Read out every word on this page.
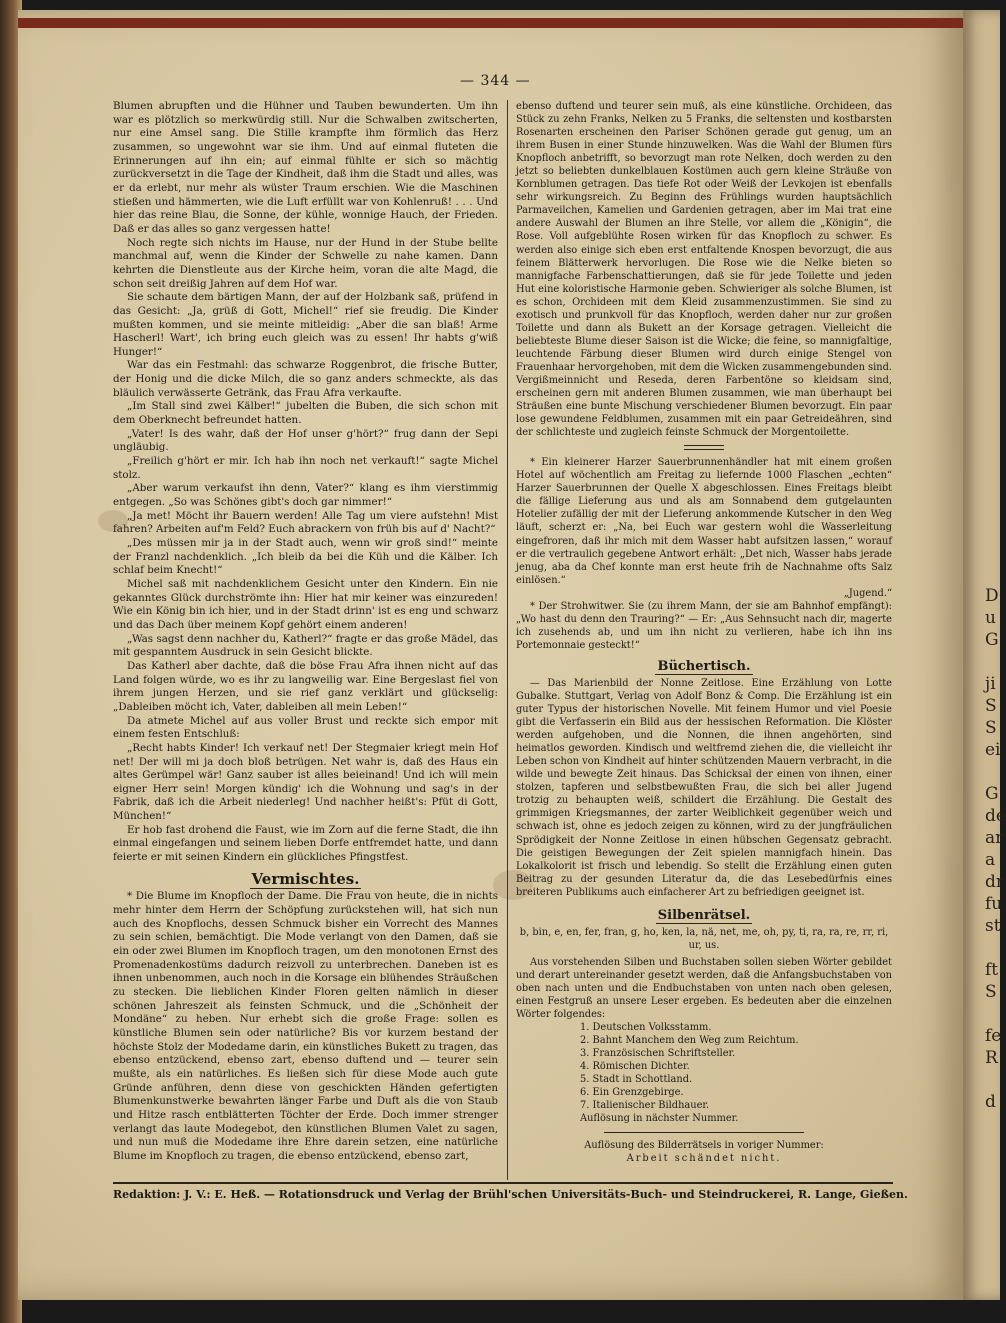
D
u
G

ji
S
S
ei

G
de
ar
a
dr
fu
st

ft
S

fe
R

d
— 344 —

Blumen abrupften und die Hühner und Tauben bewunderten. Um ihn war es plötzlich so merkwürdig still. Nur die Schwalben zwitscherten, nur eine Amsel sang. Die Stille krampfte ihm förmlich das Herz zusammen, so ungewohnt war sie ihm. Und auf einmal fluteten die Erinnerungen auf ihn ein; auf einmal fühlte er sich so mächtig zurückversetzt in die Tage der Kindheit, daß ihm die Stadt und alles, was er da erlebt, nur mehr als wüster Traum erschien. Wie die Maschinen stießen und hämmerten, wie die Luft erfüllt war von Kohlenruß! . . . Und hier das reine Blau, die Sonne, der kühle, wonnige Hauch, der Frieden. Daß er das alles so ganz vergessen hatte!

Noch regte sich nichts im Hause, nur der Hund in der Stube bellte manchmal auf, wenn die Kinder der Schwelle zu nahe kamen. Dann kehrten die Dienstleute aus der Kirche heim, voran die alte Magd, die schon seit dreißig Jahren auf dem Hof war.

Sie schaute dem bärtigen Mann, der auf der Holzbank saß, prüfend in das Gesicht: „Ja, grüß di Gott, Michel!“ rief sie freudig. Die Kinder mußten kommen, und sie meinte mitleidig: „Aber die san blaß! Arme Hascherl! Wart', ich bring euch gleich was zu essen! Ihr habts g'wiß Hunger!“

War das ein Festmahl: das schwarze Roggenbrot, die frische Butter, der Honig und die dicke Milch, die so ganz anders schmeckte, als das bläulich verwässerte Getränk, das Frau Afra verkaufte.

„Im Stall sind zwei Kälber!“ jubelten die Buben, die sich schon mit dem Oberknecht befreundet hatten.

„Vater! Is des wahr, daß der Hof unser g'hört?“ frug dann der Sepi ungläubig.

„Freilich g'hört er mir. Ich hab ihn noch net verkauft!“ sagte Michel stolz.

„Aber warum verkaufst ihn denn, Vater?“ klang es ihm vierstimmig entgegen. „So was Schönes gibt's doch gar nimmer!“

„Ja met! Möcht ihr Bauern werden! Alle Tag um viere aufstehn! Mist fahren? Arbeiten auf'm Feld? Euch abrackern von früh bis auf d' Nacht?“

„Des müssen mir ja in der Stadt auch, wenn wir groß sind!“ meinte der Franzl nachdenklich. „Ich bleib da bei die Küh und die Kälber. Ich schlaf beim Knecht!“

Michel saß mit nachdenklichem Gesicht unter den Kindern. Ein nie gekanntes Glück durchströmte ihn: Hier hat mir keiner was einzureden! Wie ein König bin ich hier, und in der Stadt drinn' ist es eng und schwarz und das Dach über meinem Kopf gehört einem anderen!

„Was sagst denn nachher du, Katherl?“ fragte er das große Mädel, das mit gespanntem Ausdruck in sein Gesicht blickte.

Das Katherl aber dachte, daß die böse Frau Afra ihnen nicht auf das Land folgen würde, wo es ihr zu langweilig war. Eine Bergeslast fiel von ihrem jungen Herzen, und sie rief ganz verklärt und glückselig: „Dableiben möcht ich, Vater, dableiben all mein Leben!“

Da atmete Michel auf aus voller Brust und reckte sich empor mit einem festen Entschluß:

„Recht habts Kinder! Ich verkauf net! Der Stegmaier kriegt mein Hof net! Der will mi ja doch bloß betrügen. Net wahr is, daß des Haus ein altes Gerümpel wär! Ganz sauber ist alles beieinand! Und ich will mein eigner Herr sein! Morgen kündig' ich die Wohnung und sag's in der Fabrik, daß ich die Arbeit niederleg! Und nachher heißt's: Pfüt di Gott, München!“

Er hob fast drohend die Faust, wie im Zorn auf die ferne Stadt, die ihn einmal eingefangen und seinem lieben Dorfe entfremdet hatte, und dann feierte er mit seinen Kindern ein glückliches Pfingstfest.

Vermischtes.

* Die Blume im Knopfloch der Dame. Die Frau von heute, die in nichts mehr hinter dem Herrn der Schöpfung zurückstehen will, hat sich nun auch des Knopflochs, dessen Schmuck bisher ein Vorrecht des Mannes zu sein schien, bemächtigt. Die Mode verlangt von den Damen, daß sie ein oder zwei Blumen im Knopfloch tragen, um den monotonen Ernst des Promenadenkostüms dadurch reizvoll zu unterbrechen. Daneben ist es ihnen unbenommen, auch noch in die Korsage ein blühendes Sträußchen zu stecken. Die lieblichen Kinder Floren gelten nämlich in dieser schönen Jahreszeit als feinsten Schmuck, und die „Schönheit der Mondäne“ zu heben. Nur erhebt sich die große Frage: sollen es künstliche Blumen sein oder natürliche? Bis vor kurzem bestand der höchste Stolz der Modedame darin, ein künstliches Bukett zu tragen, das ebenso entzückend, ebenso zart, ebenso duftend und — teurer sein mußte, als ein natürliches. Es ließen sich für diese Mode auch gute Gründe anführen, denn diese von geschickten Händen gefertigten Blumenkunstwerke bewahrten länger Farbe und Duft als die von Staub und Hitze rasch entblätterten Töchter der Erde. Doch immer strenger verlangt das laute Modegebot, den künstlichen Blumen Valet zu sagen, und nun muß die Modedame ihre Ehre darein setzen, eine natürliche Blume im Knopfloch zu tragen, die ebenso entzückend, ebenso zart,

ebenso duftend und teurer sein muß, als eine künstliche. Orchideen, das Stück zu zehn Franks, Nelken zu 5 Franks, die seltensten und kostbarsten Rosenarten erscheinen den Pariser Schönen gerade gut genug, um an ihrem Busen in einer Stunde hinzuwelken. Was die Wahl der Blumen fürs Knopfloch anbetrifft, so bevorzugt man rote Nelken, doch werden zu den jetzt so beliebten dunkelblauen Kostümen auch gern kleine Sträuße von Kornblumen getragen. Das tiefe Rot oder Weiß der Levkojen ist ebenfalls sehr wirkungsreich. Zu Beginn des Frühlings wurden hauptsächlich Parmaveilchen, Kamelien und Gardenien getragen, aber im Mai trat eine andere Auswahl der Blumen an ihre Stelle, vor allem die „Königin“, die Rose. Voll aufgeblühte Rosen wirken für das Knopfloch zu schwer. Es werden also einige sich eben erst entfaltende Knospen bevorzugt, die aus feinem Blätterwerk hervorlugen. Die Rose wie die Nelke bieten so mannigfache Farbenschattierungen, daß sie für jede Toilette und jeden Hut eine koloristische Harmonie geben. Schwieriger als solche Blumen, ist es schon, Orchideen mit dem Kleid zusammenzustimmen. Sie sind zu exotisch und prunkvoll für das Knopfloch, werden daher nur zur großen Toilette und dann als Bukett an der Korsage getragen. Vielleicht die beliebteste Blume dieser Saison ist die Wicke; die feine, so mannigfaltige, leuchtende Färbung dieser Blumen wird durch einige Stengel von Frauenhaar hervorgehoben, mit dem die Wicken zusammengebunden sind. Vergißmeinnicht und Reseda, deren Farbentöne so kleidsam sind, erscheinen gern mit anderen Blumen zusammen, wie man überhaupt bei Sträußen eine bunte Mischung verschiedener Blumen bevorzugt. Ein paar lose gewundene Feldblumen, zusammen mit ein paar Getreideähren, sind der schlichteste und zugleich feinste Schmuck der Morgentoilette.

* Ein kleinerer Harzer Sauerbrunnenhändler hat mit einem großen Hotel auf wöchentlich am Freitag zu liefernde 1000 Flaschen „echten“ Harzer Sauerbrunnen der Quelle X abgeschlossen. Eines Freitags bleibt die fällige Lieferung aus und als am Sonnabend dem gutgelaunten Hotelier zufällig der mit der Lieferung ankommende Kutscher in den Weg läuft, scherzt er: „Na, bei Euch war gestern wohl die Wasserleitung eingefroren, daß ihr mich mit dem Wasser habt aufsitzen lassen,“ worauf er die vertraulich gegebene Antwort erhält: „Det nich, Wasser habs jerade jenug, aba da Chef konnte man erst heute frih de Nachnahme ofts Salz einlösen.“

„Jugend.“

* Der Strohwitwer. Sie (zu ihrem Mann, der sie am Bahnhof empfängt): „Wo hast du denn den Trauring?“ — Er: „Aus Sehnsucht nach dir, magerte ich zusehends ab, und um ihn nicht zu verlieren, habe ich ihn ins Portemonnaie gesteckt!“

Büchertisch.

— Das Marienbild der Nonne Zeitlose. Eine Erzählung von Lotte Gubalke. Stuttgart, Verlag von Adolf Bonz & Comp. Die Erzählung ist ein guter Typus der historischen Novelle. Mit feinem Humor und viel Poesie gibt die Verfasserin ein Bild aus der hessischen Reformation. Die Klöster werden aufgehoben, und die Nonnen, die ihnen angehörten, sind heimatlos geworden. Kindisch und weltfremd ziehen die, die vielleicht ihr Leben schon von Kindheit auf hinter schützenden Mauern verbracht, in die wilde und bewegte Zeit hinaus. Das Schicksal der einen von ihnen, einer stolzen, tapferen und selbstbewußten Frau, die sich bei aller Jugend trotzig zu behaupten weiß, schildert die Erzählung. Die Gestalt des grimmigen Kriegsmannes, der zarter Weiblichkeit gegenüber weich und schwach ist, ohne es jedoch zeigen zu können, wird zu der jungfräulichen Sprödigkeit der Nonne Zeitlose in einen hübschen Gegensatz gebracht. Die geistigen Bewegungen der Zeit spielen mannigfach hinein. Das Lokalkolorit ist frisch und lebendig. So stellt die Erzählung einen guten Beitrag zu der gesunden Literatur da, die das Lesebedürfnis eines breiteren Publikums auch einfacherer Art zu befriedigen geeignet ist.

Silbenrätsel.
b, bin, e, en, fer, fran, g, ho, ken, la, nä, net, me, oh, py, ti, ra, ra, re, rr, ri, ur, us.

Aus vorstehenden Silben und Buchstaben sollen sieben Wörter gebildet und derart untereinander gesetzt werden, daß die Anfangsbuchstaben von oben nach unten und die Endbuchstaben von unten nach oben gelesen, einen Festgruß an unsere Leser ergeben. Es bedeuten aber die einzelnen Wörter folgendes:

1. Deutschen Volksstamm.
2. Bahnt Manchem den Weg zum Reichtum.
3. Französischen Schriftsteller.
4. Römischen Dichter.
5. Stadt in Schottland.
6. Ein Grenzgebirge.
7. Italienischer Bildhauer.
Auflösung in nächster Nummer.
Auflösung des Bilderrätsels in voriger Nummer:
Arbeit schändet nicht.
Redaktion: J. V.: E. Heß. — Rotationsdruck und Verlag der Brühl'schen Universitäts-Buch- und Steindruckerei, R. Lange, Gießen.
